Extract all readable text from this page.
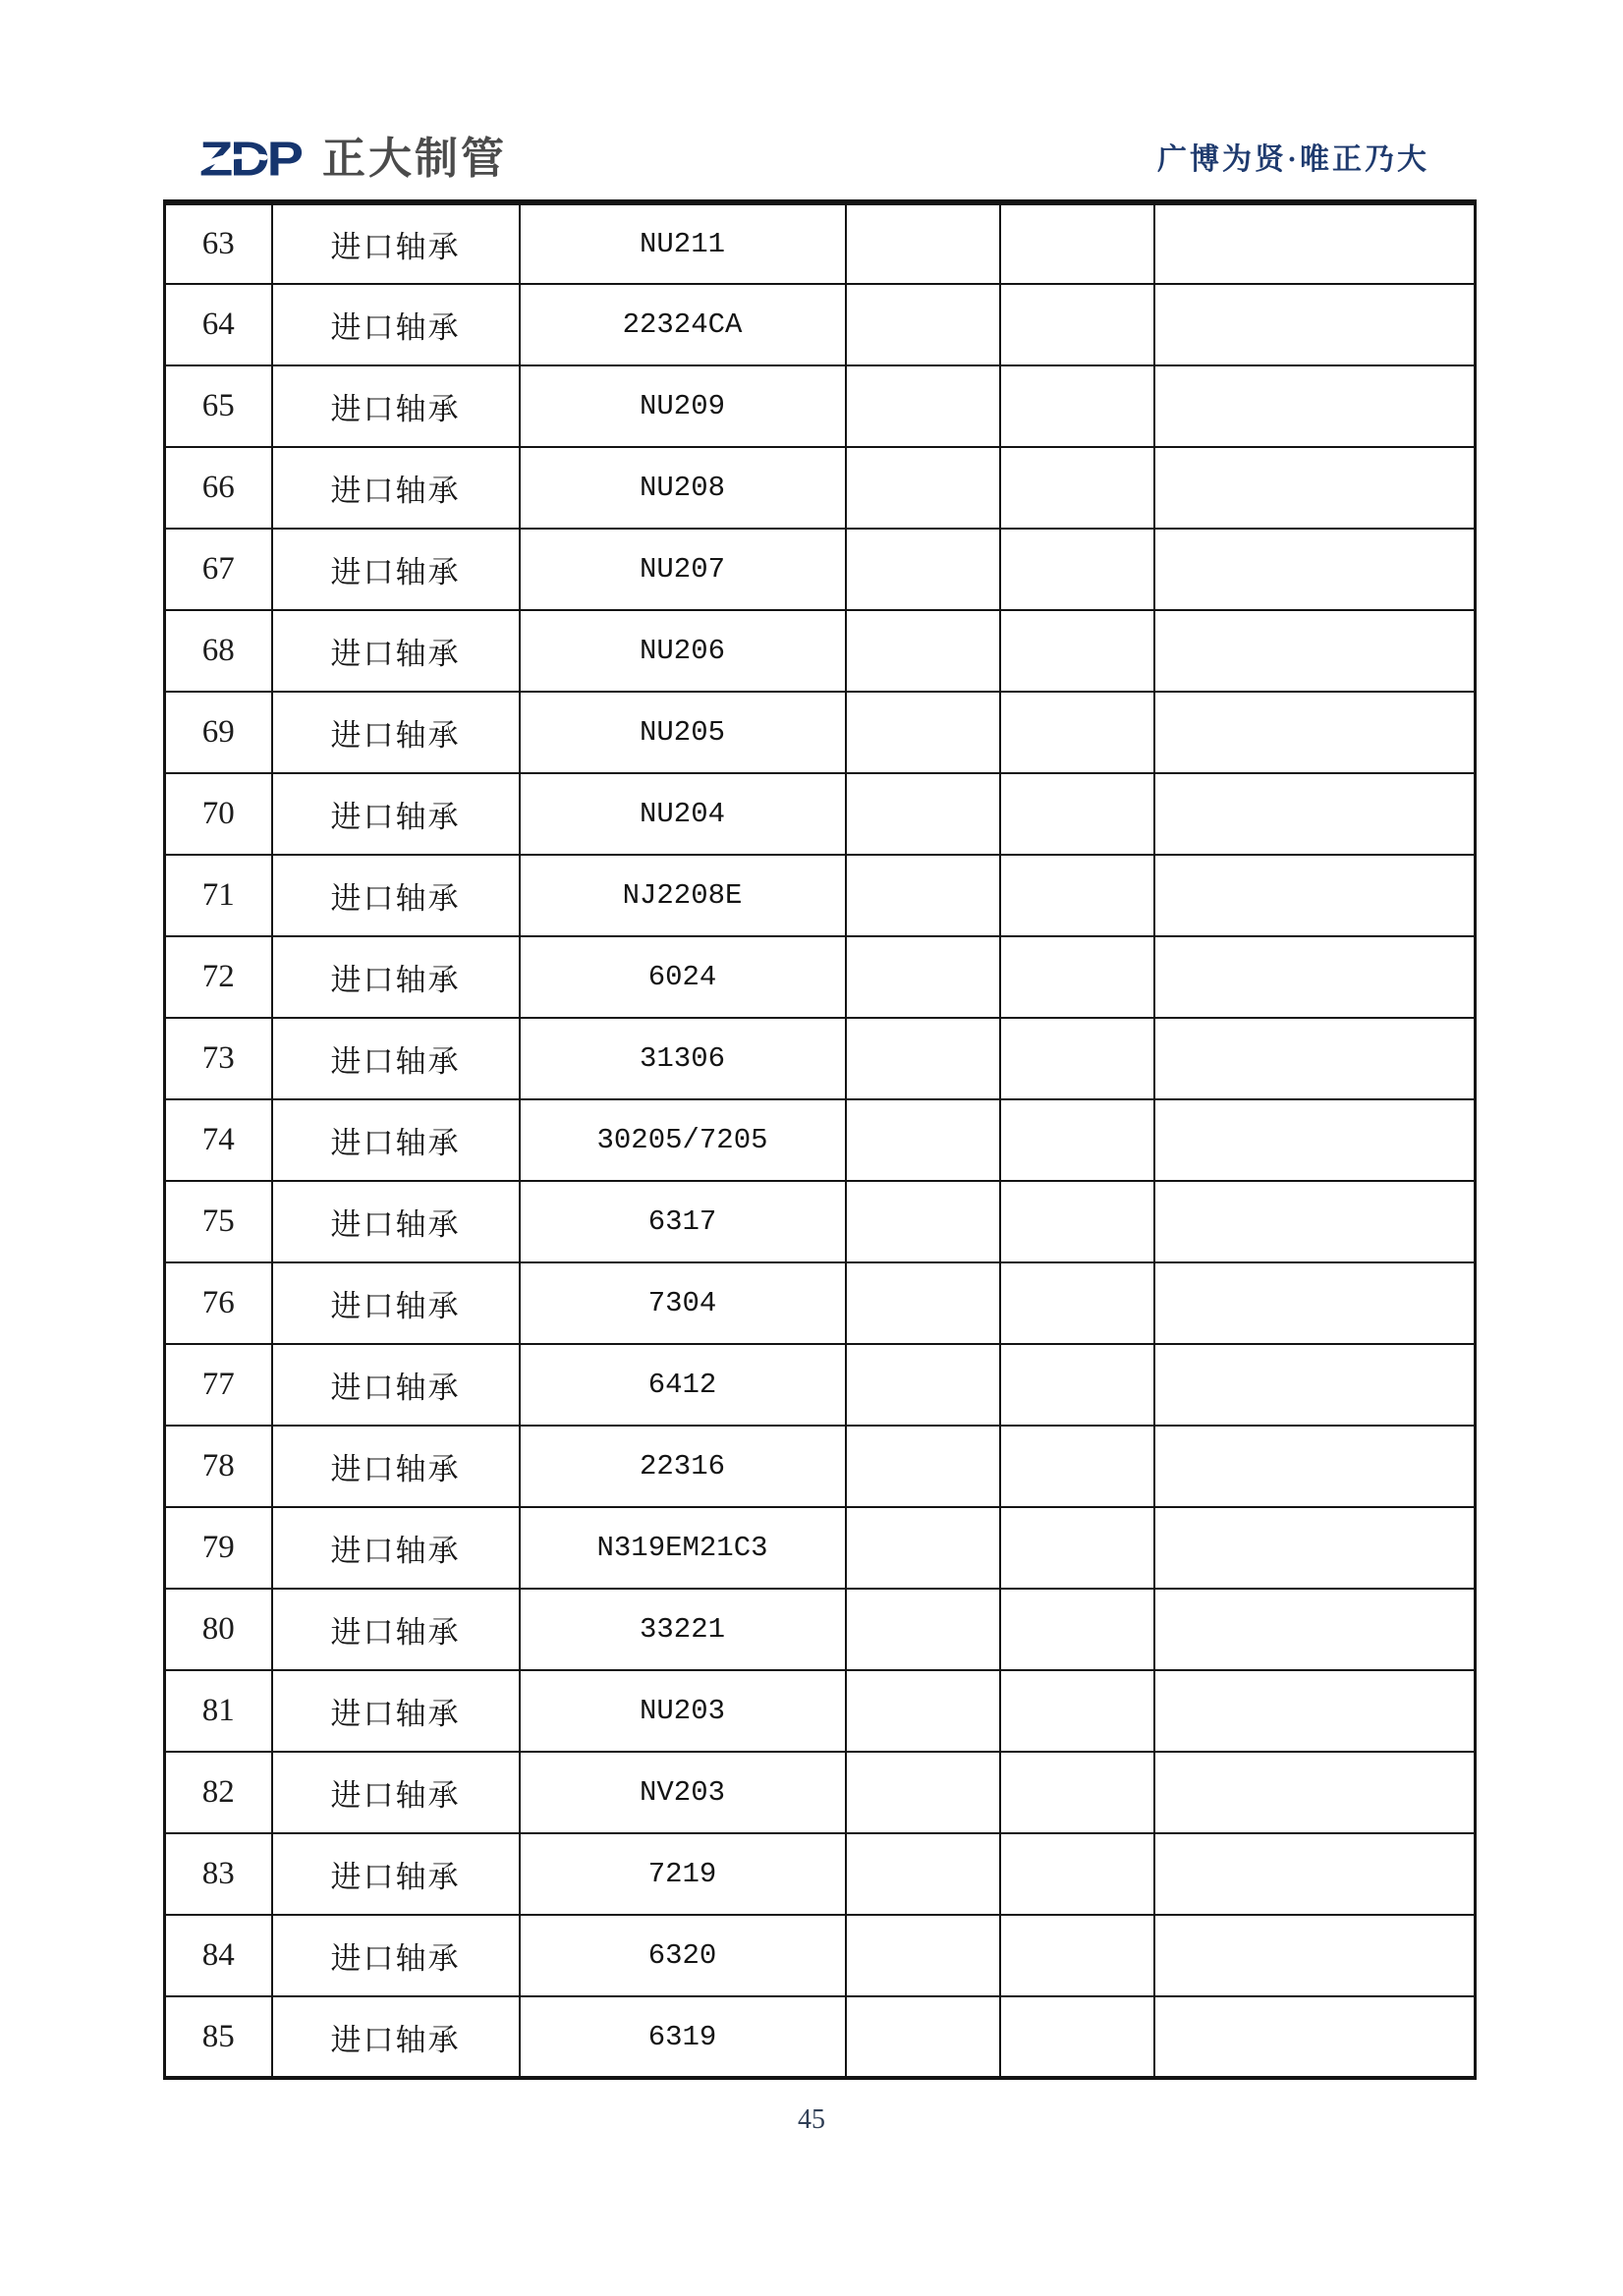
ZDP 正大制管	广博为贤·唯正乃大
63	进口轴承	NU211			
64	进口轴承	22324CA			
65	进口轴承	NU209			
66	进口轴承	NU208			
67	进口轴承	NU207			
68	进口轴承	NU206			
69	进口轴承	NU205			
70	进口轴承	NU204			
71	进口轴承	NJ2208E			
72	进口轴承	6024			
73	进口轴承	31306			
74	进口轴承	30205/7205			
75	进口轴承	6317			
76	进口轴承	7304			
77	进口轴承	6412			
78	进口轴承	22316			
79	进口轴承	N319EM21C3			
80	进口轴承	33221			
81	进口轴承	NU203			
82	进口轴承	NV203			
83	进口轴承	7219			
84	进口轴承	6320			
85	进口轴承	6319			
45
